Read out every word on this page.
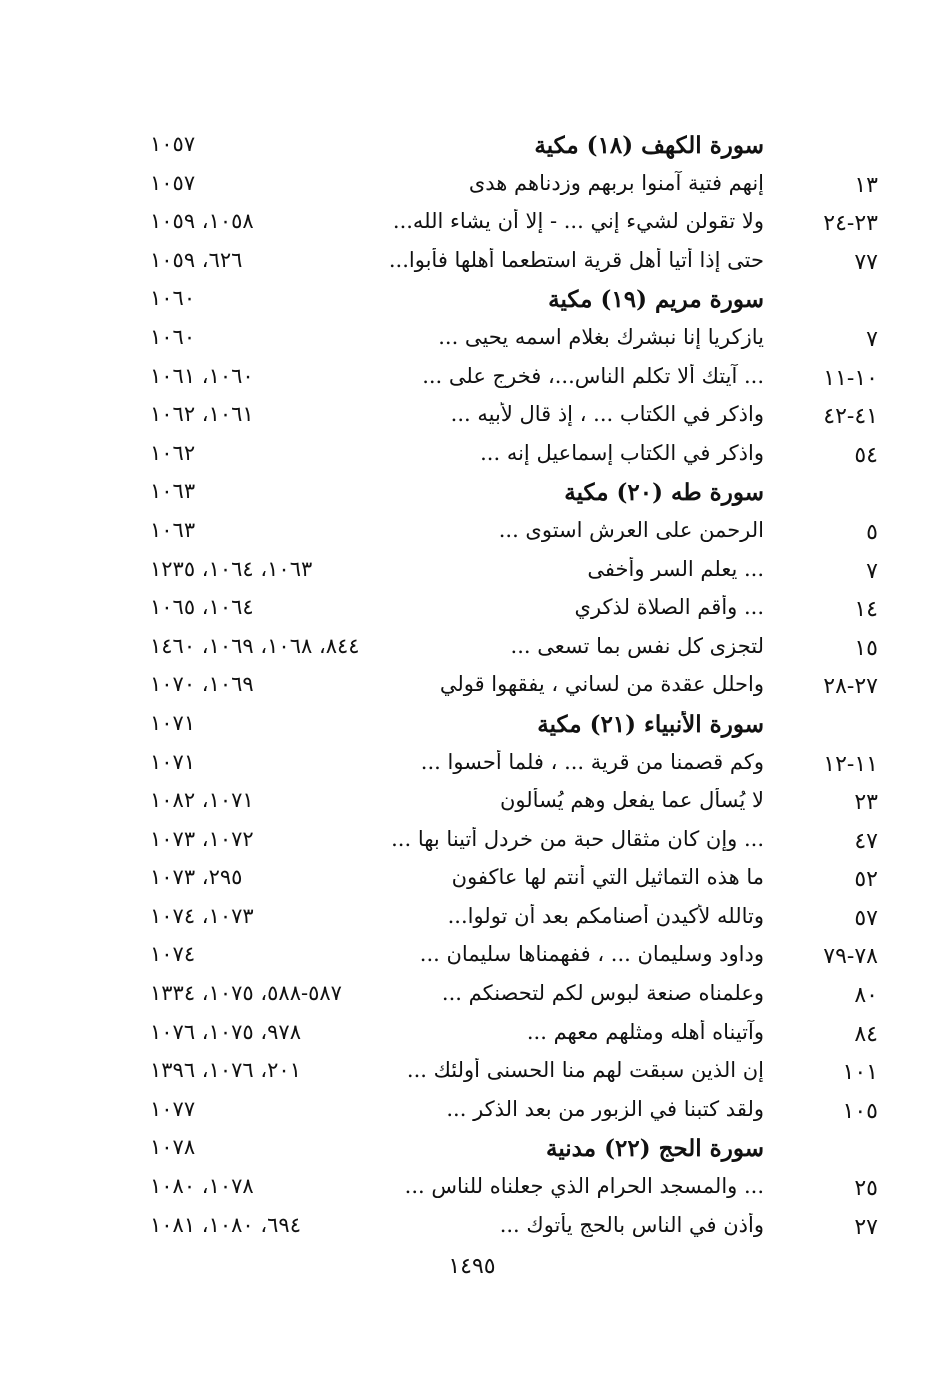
سورة الكهف (١٨) مكية
١٠٥٧
١٣
إنهم فتية آمنوا بربهم وزدناهم هدى
١٠٥٧
٢٣-٢٤
ولا تقولن لشيء إني ... - إلا أن يشاء الله...
١٠٥٨، ١٠٥٩
٧٧
حتى إذا أتيا أهل قرية استطعما أهلها فأبوا...
٦٢٦، ١٠٥٩
سورة مريم (١٩) مكية
١٠٦٠
٧
يازكريا إنا نبشرك بغلام اسمه يحيى ...
١٠٦٠
١٠-١١
... آيتك ألا تكلم الناس...، فخرج على ...
١٠٦٠، ١٠٦١
٤١-٤٢
واذكر في الكتاب ... ، إذ قال لأبيه ...
١٠٦١، ١٠٦٢
٥٤
واذكر في الكتاب إسماعيل إنه ...
١٠٦٢
سورة طه (٢٠) مكية
١٠٦٣
٥
الرحمن على العرش استوى ...
١٠٦٣
٧
... يعلم السر وأخفى
١٠٦٣، ١٠٦٤، ١٢٣٥
١٤
... وأقم الصلاة لذكري
١٠٦٤، ١٠٦٥
١٥
لتجزى كل نفس بما تسعى ...
٨٤٤، ١٠٦٨، ١٠٦٩، ١٤٦٠
٢٧-٢٨
واحلل عقدة من لساني ، يفقهوا قولي
١٠٦٩، ١٠٧٠
سورة الأنبياء (٢١) مكية
١٠٧١
١١-١٢
وكم قصمنا من قرية ... ، فلما أحسوا ...
١٠٧١
٢٣
لا يُسأل عما يفعل وهم يُسألون
١٠٧١، ١٠٨٢
٤٧
... وإن كان مثقال حبة من خردل أتينا بها ...
١٠٧٢، ١٠٧٣
٥٢
ما هذه التماثيل التي أنتم لها عاكفون
٢٩٥، ١٠٧٣
٥٧
وتالله لأكيدن أصنامكم بعد أن تولوا...
١٠٧٣، ١٠٧٤
٧٨-٧٩
وداود وسليمان ... ، ففهمناها سليمان ...
١٠٧٤
٨٠
وعلمناه صنعة لبوس لكم لتحصنكم ...
٥٨٧-٥٨٨، ١٠٧٥، ١٣٣٤
٨٤
وآتيناه أهله ومثلهم معهم ...
٩٧٨، ١٠٧٥، ١٠٧٦
١٠١
إن الذين سبقت لهم منا الحسنى أولئك ...
٢٠١، ١٠٧٦، ١٣٩٦
١٠٥
ولقد كتبنا في الزبور من بعد الذكر ...
١٠٧٧
سورة الحج (٢٢) مدنية
١٠٧٨
٢٥
... والمسجد الحرام الذي جعلناه للناس ...
١٠٧٨، ١٠٨٠
٢٧
وأذن في الناس بالحج يأتوك ...
٦٩٤، ١٠٨٠، ١٠٨١
١٤٩٥
